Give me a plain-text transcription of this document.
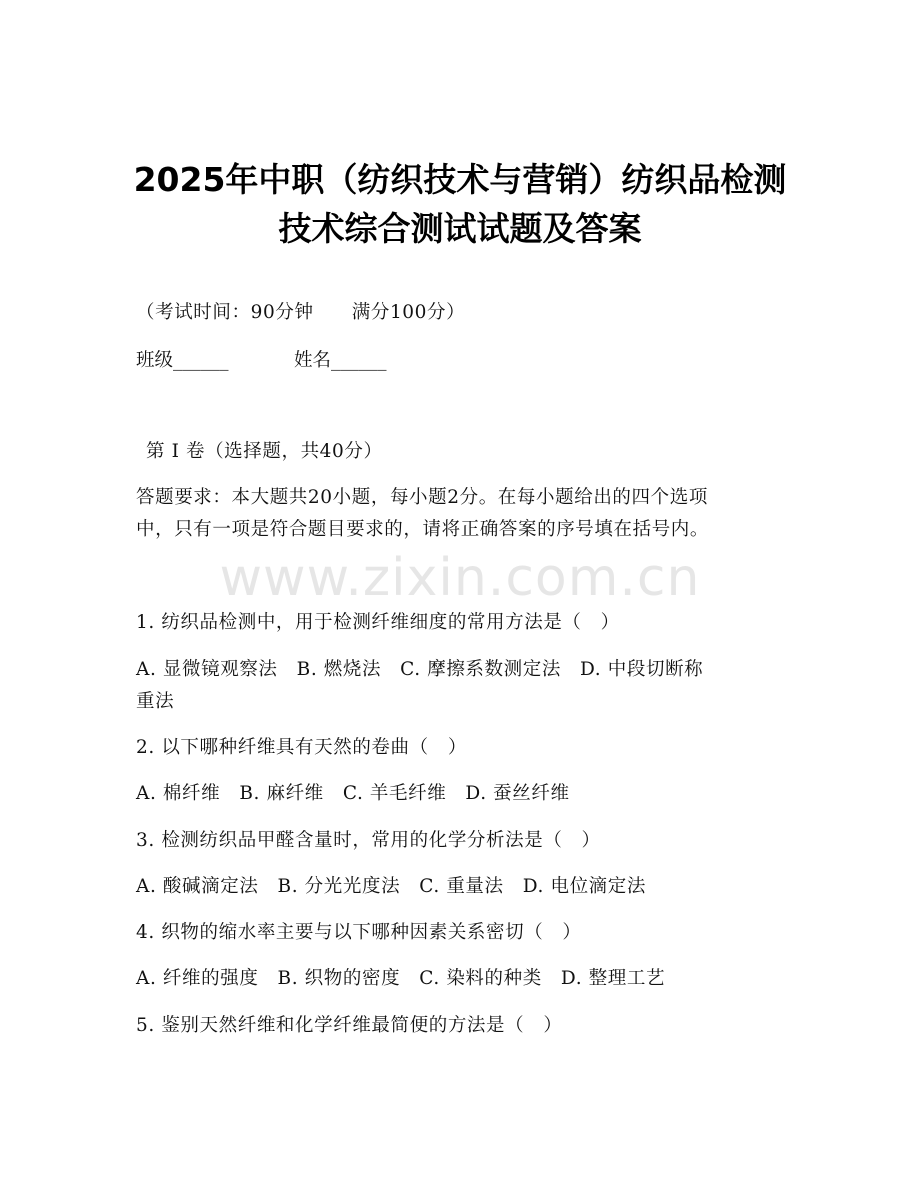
2025年中职（纺织技术与营销）纺织品检测
技术综合测试试题及答案
（考试时间：90分钟　　满分100分）
班级______	姓名______
第 I 卷（选择题，共40分）
答题要求：本大题共20小题，每小题2分。在每小题给出的四个选项
中，只有一项是符合题目要求的，请将正确答案的序号填在括号内。
www.zixin.com.cn
1. 纺织品检测中，用于检测纤维细度的常用方法是（　）
A. 显微镜观察法　B. 燃烧法　C. 摩擦系数测定法　D. 中段切断称
重法
2. 以下哪种纤维具有天然的卷曲（　）
A. 棉纤维　B. 麻纤维　C. 羊毛纤维　D. 蚕丝纤维
3. 检测纺织品甲醛含量时，常用的化学分析法是（　）
A. 酸碱滴定法　B. 分光光度法　C. 重量法　D. 电位滴定法
4. 织物的缩水率主要与以下哪种因素关系密切（　）
A. 纤维的强度　B. 织物的密度　C. 染料的种类　D. 整理工艺
5. 鉴别天然纤维和化学纤维最简便的方法是（　）
